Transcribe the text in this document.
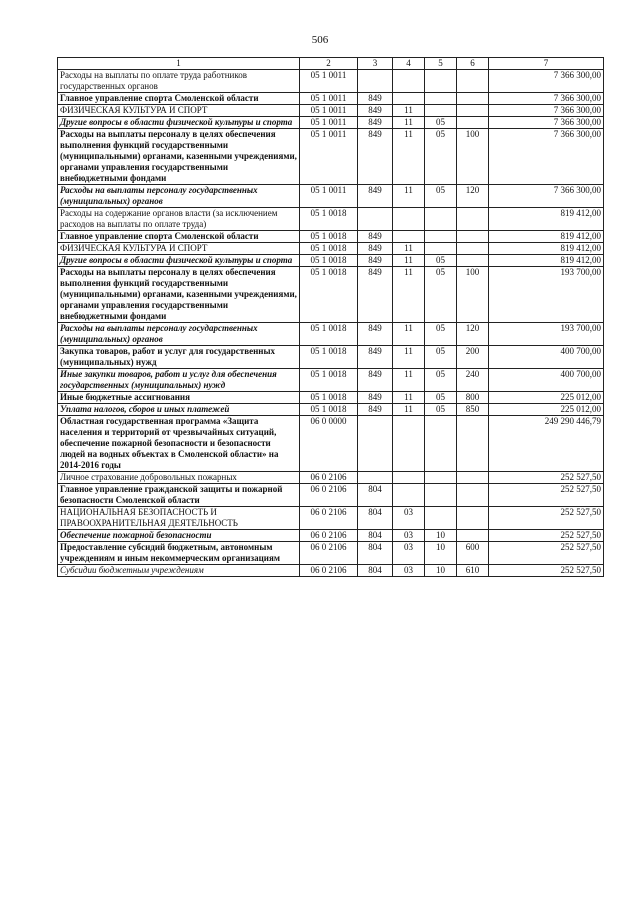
506
1	2	3	4	5	6	7
Расходы на выплаты по оплате труда работников государственных органов	05 1 0011					7 366 300,00
Главное управление спорта Смоленской области	05 1 0011	849				7 366 300,00
ФИЗИЧЕСКАЯ КУЛЬТУРА И СПОРТ	05 1 0011	849	11			7 366 300,00
Другие вопросы в области физической культуры и спорта	05 1 0011	849	11	05		7 366 300,00
Расходы на выплаты персоналу в целях обеспечения выполнения функций государственными (муниципальными) органами, казенными учреждениями, органами управления государственными внебюджетными фондами	05 1 0011	849	11	05	100	7 366 300,00
Расходы на выплаты персоналу государственных (муниципальных) органов	05 1 0011	849	11	05	120	7 366 300,00
Расходы на содержание органов власти (за исключением расходов на выплаты по оплате труда)	05 1 0018					819 412,00
Главное управление спорта Смоленской области	05 1 0018	849				819 412,00
ФИЗИЧЕСКАЯ КУЛЬТУРА И СПОРТ	05 1 0018	849	11			819 412,00
Другие вопросы в области физической культуры и спорта	05 1 0018	849	11	05		819 412,00
Расходы на выплаты персоналу в целях обеспечения выполнения функций государственными (муниципальными) органами, казенными учреждениями, органами управления государственными внебюджетными фондами	05 1 0018	849	11	05	100	193 700,00
Расходы на выплаты персоналу государственных (муниципальных) органов	05 1 0018	849	11	05	120	193 700,00
Закупка товаров, работ и услуг для государственных (муниципальных) нужд	05 1 0018	849	11	05	200	400 700,00
Иные закупки товаров, работ и услуг для обеспечения государственных (муниципальных) нужд	05 1 0018	849	11	05	240	400 700,00
Иные бюджетные ассигнования	05 1 0018	849	11	05	800	225 012,00
Уплата налогов, сборов и иных платежей	05 1 0018	849	11	05	850	225 012,00
Областная государственная программа «Защита населения и территорий от чрезвычайных ситуаций, обеспечение пожарной безопасности и безопасности людей на водных объектах в Смоленской области» на 2014-2016 годы	06 0 0000					249 290 446,79
Личное страхование добровольных пожарных	06 0 2106					252 527,50
Главное управление гражданской защиты и пожарной безопасности Смоленской области	06 0 2106	804				252 527,50
НАЦИОНАЛЬНАЯ БЕЗОПАСНОСТЬ И ПРАВООХРАНИТЕЛЬНАЯ ДЕЯТЕЛЬНОСТЬ	06 0 2106	804	03			252 527,50
Обеспечение пожарной безопасности	06 0 2106	804	03	10		252 527,50
Предоставление субсидий бюджетным, автономным учреждениям и иным некоммерческим организациям	06 0 2106	804	03	10	600	252 527,50
Субсидии бюджетным учреждениям	06 0 2106	804	03	10	610	252 527,50
